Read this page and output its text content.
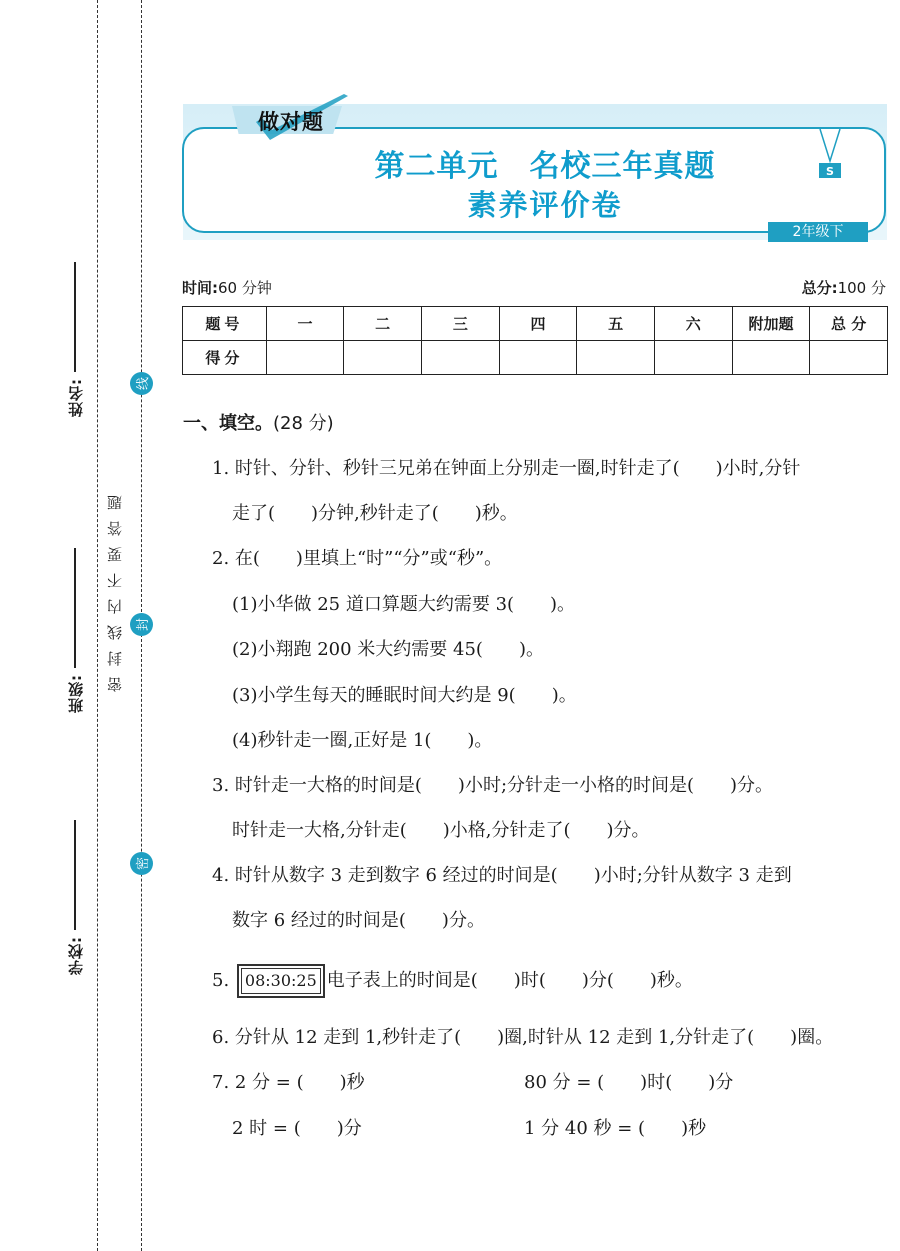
线
封
密
密封线内不要答题
姓名:
班级:
学校:
做对题
第二单元　名校三年真题
素养评价卷
S
2年级下
时间:60 分钟	总分:100 分
题号	一	二	三	四	五	六	附加题	总 分
得分								
一、填空。(28 分)
1. 时针、分针、秒针三兄弟在钟面上分别走一圈,时针走了(　　)小时,分针
走了(　　)分钟,秒针走了(　　)秒。
2. 在(　　)里填上“时”“分”或“秒”。
(1)小华做 25 道口算题大约需要 3(　　)。
(2)小翔跑 200 米大约需要 45(　　)。
(3)小学生每天的睡眠时间大约是 9(　　)。
(4)秒针走一圈,正好是 1(　　)。
3. 时针走一大格的时间是(　　)小时;分针走一小格的时间是(　　)分。
时针走一大格,分针走(　　)小格,分针走了(　　)分。
4. 时针从数字 3 走到数字 6 经过的时间是(　　)小时;分针从数字 3 走到
数字 6 经过的时间是(　　)分。
5. 08:30:25 电子表上的时间是(　　)时(　　)分(　　)秒。
6. 分针从 12 走到 1,秒针走了(　　)圈,时针从 12 走到 1,分针走了(　　)圈。
7. 2 分 = (　　)秒	80 分 = (　　)时(　　)分
2 时 = (　　)分	1 分 40 秒 = (　　)秒
